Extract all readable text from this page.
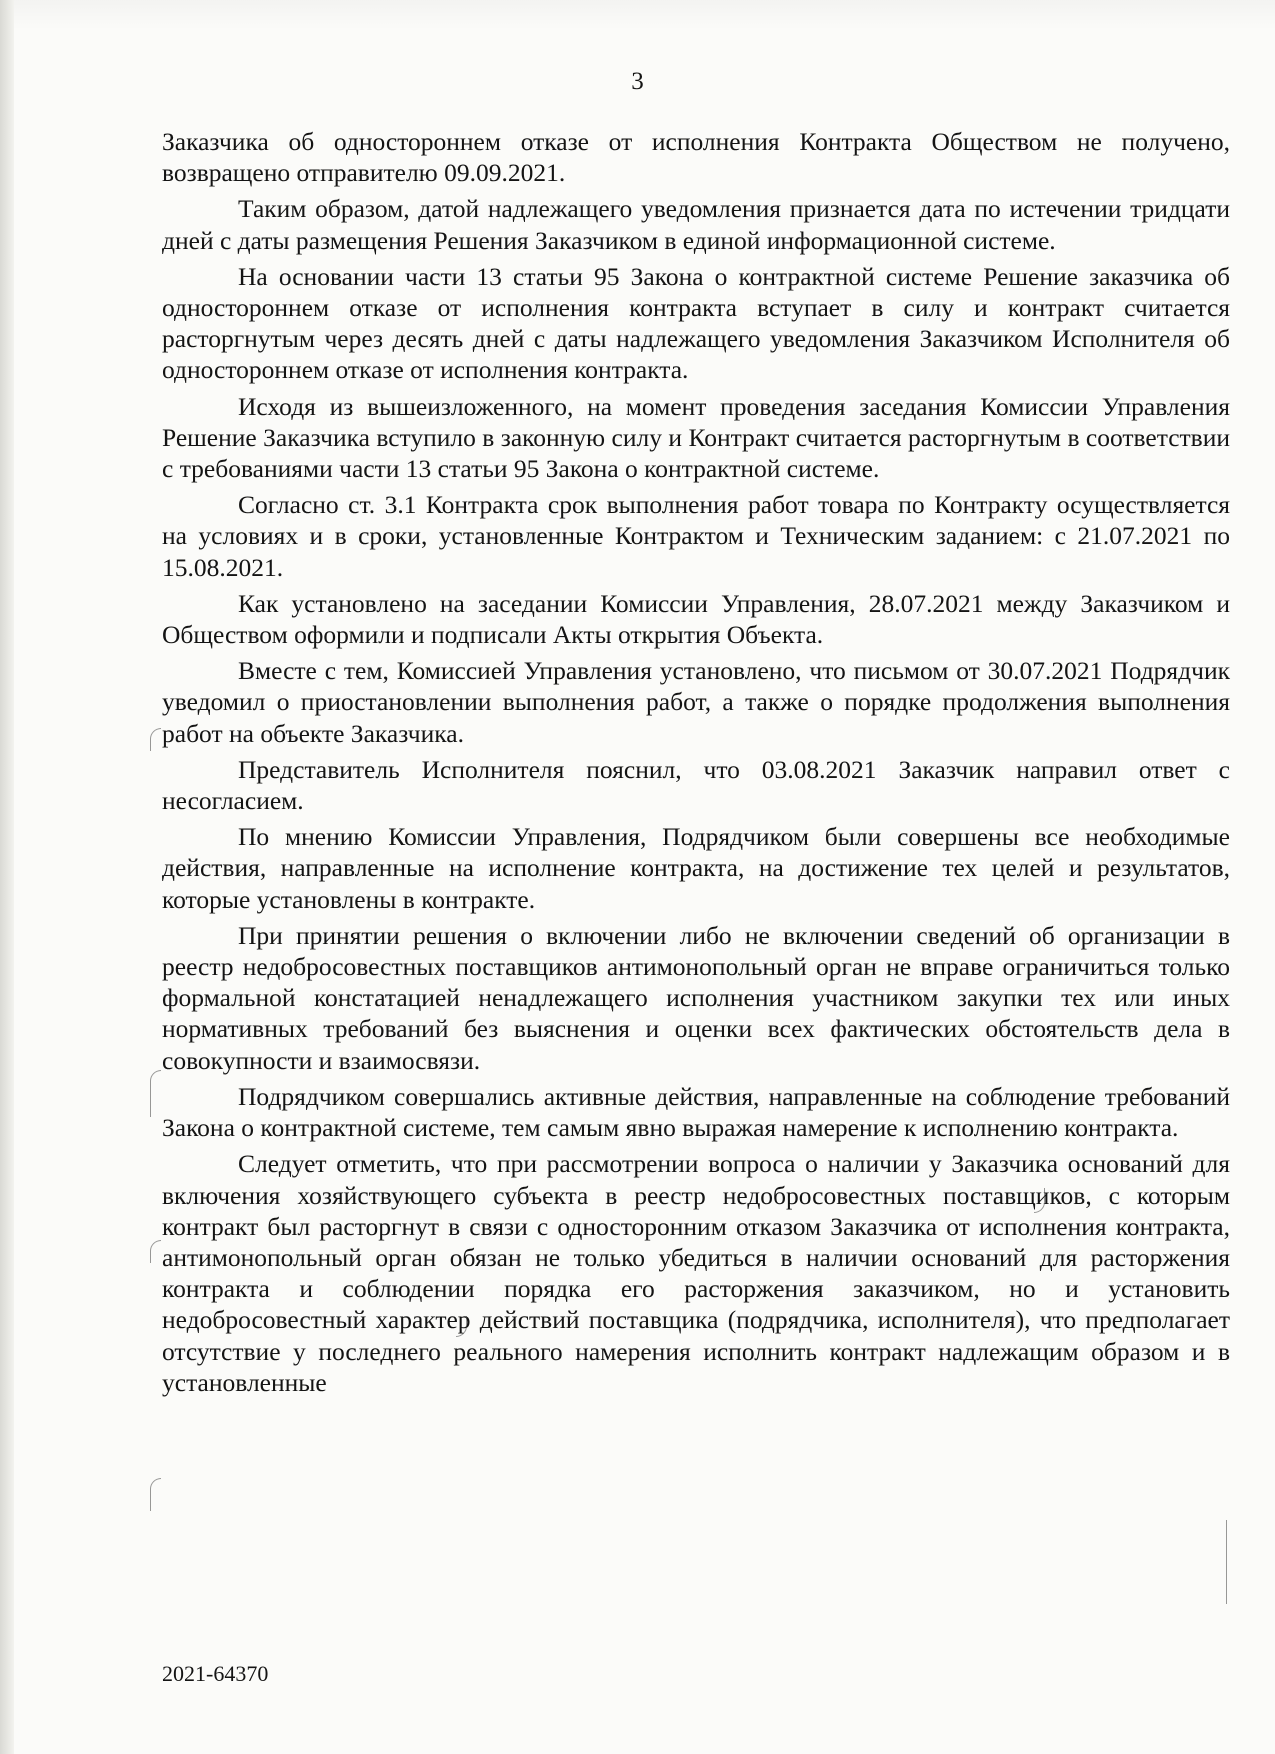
3

Заказчика об одностороннем отказе от исполнения Контракта Обществом не получено, возвращено отправителю 09.09.2021.

Таким образом, датой надлежащего уведомления признается дата по истечении тридцати дней с даты размещения Решения Заказчиком в единой информационной системе.

На основании части 13 статьи 95 Закона о контрактной системе Решение заказчика об одностороннем отказе от исполнения контракта вступает в силу и контракт считается расторгнутым через десять дней с даты надлежащего уведомления Заказчиком Исполнителя об одностороннем отказе от исполнения контракта.

Исходя из вышеизложенного, на момент проведения заседания Комиссии Управления Решение Заказчика вступило в законную силу и Контракт считается расторгнутым в соответствии с требованиями части 13 статьи 95 Закона о контрактной системе.

Согласно ст. 3.1 Контракта срок выполнения работ товара по Контракту осуществляется на условиях и в сроки, установленные Контрактом и Техническим заданием: с 21.07.2021 по 15.08.2021.

Как установлено на заседании Комиссии Управления, 28.07.2021 между Заказчиком и Обществом оформили и подписали Акты открытия Объекта.

Вместе с тем, Комиссией Управления установлено, что письмом от 30.07.2021 Подрядчик уведомил о приостановлении выполнения работ, а также о порядке продолжения выполнения работ на объекте Заказчика.

Представитель Исполнителя пояснил, что 03.08.2021 Заказчик направил ответ с несогласием.

По мнению Комиссии Управления, Подрядчиком были совершены все необходимые действия, направленные на исполнение контракта, на достижение тех целей и результатов, которые установлены в контракте.

При принятии решения о включении либо не включении сведений об организации в реестр недобросовестных поставщиков антимонопольный орган не вправе ограничиться только формальной констатацией ненадлежащего исполнения участником закупки тех или иных нормативных требований без выяснения и оценки всех фактических обстоятельств дела в совокупности и взаимосвязи.

Подрядчиком совершались активные действия, направленные на соблюдение требований Закона о контрактной системе, тем самым явно выражая намерение к исполнению контракта.

Следует отметить, что при рассмотрении вопроса о наличии у Заказчика оснований для включения хозяйствующего субъекта в реестр недобросовестных поставщиков, с которым контракт был расторгнут в связи с односторонним отказом Заказчика от исполнения контракта, антимонопольный орган обязан не только убедиться в наличии оснований для расторжения контракта и соблюдении порядка его расторжения заказчиком, но и установить недобросовестный характер действий поставщика (подрядчика, исполнителя), что предполагает отсутствие у последнего реального намерения исполнить контракт надлежащим образом и в установленные

2021-64370
